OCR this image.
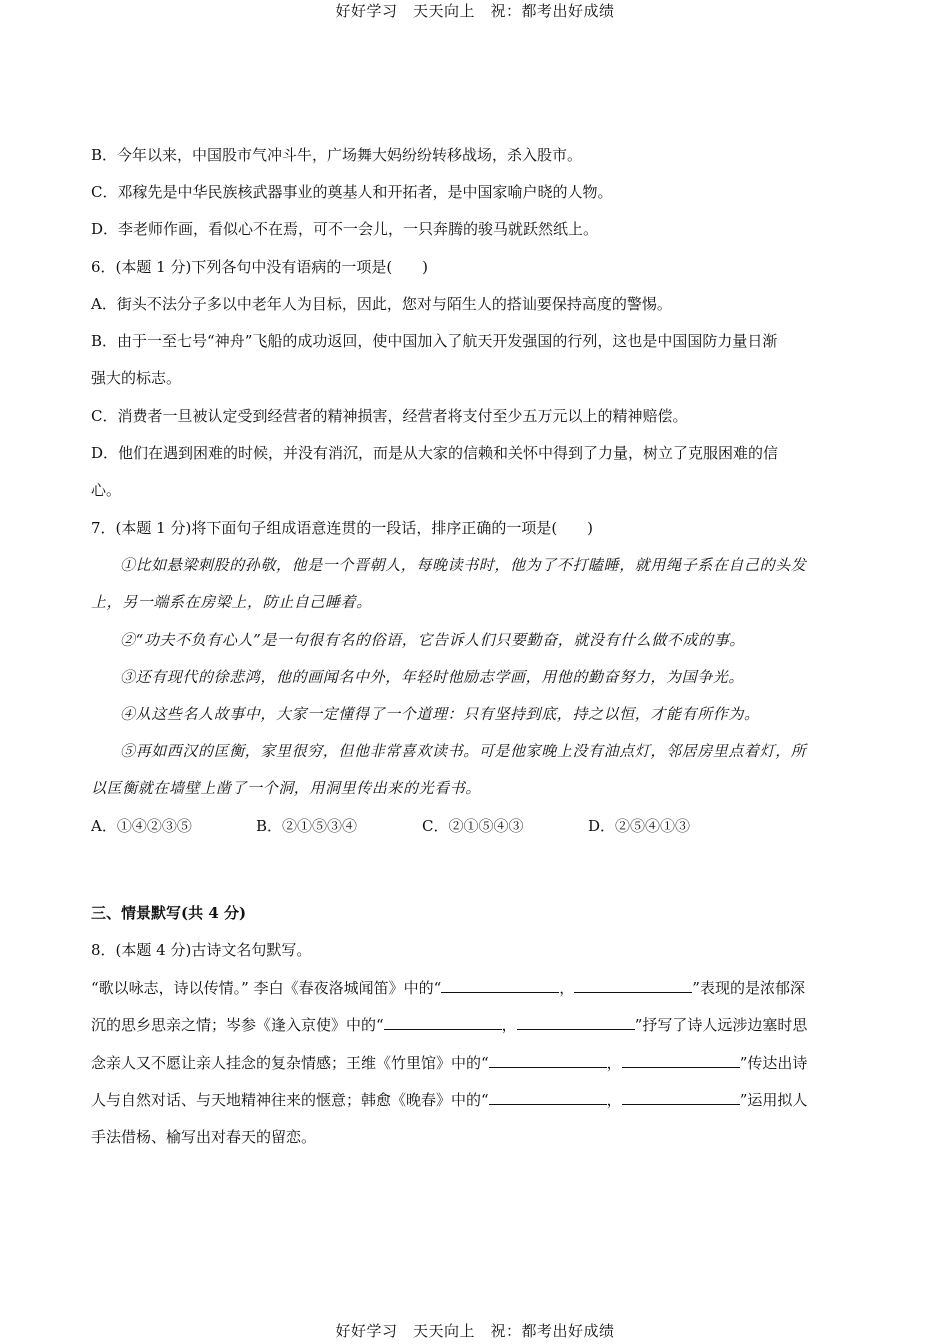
好好学习　天天向上　祝：都考出好成绩
B．今年以来，中国股市气冲斗牛，广场舞大妈纷纷转移战场，杀入股市。
C．邓稼先是中华民族核武器事业的奠基人和开拓者，是中国家喻户晓的人物。
D．李老师作画，看似心不在焉，可不一会儿，一只奔腾的骏马就跃然纸上。
6．(本题 1 分)下列各句中没有语病的一项是(　　)
A．街头不法分子多以中老年人为目标，因此，您对与陌生人的搭讪要保持高度的警惕。
B．由于一至七号“神舟”飞船的成功返回，使中国加入了航天开发强国的行列，这也是中国国防力量日渐
强大的标志。
C．消费者一旦被认定受到经营者的精神损害，经营者将支付至少五万元以上的精神赔偿。
D．他们在遇到困难的时候，并没有消沉，而是从大家的信赖和关怀中得到了力量，树立了克服困难的信
心。
7．(本题 1 分)将下面句子组成语意连贯的一段话，排序正确的一项是(　　)
①比如悬梁刺股的孙敬，他是一个晋朝人，每晚读书时，他为了不打瞌睡，就用绳子系在自己的头发
上，另一端系在房梁上，防止自己睡着。
②“功夫不负有心人”是一句很有名的俗语，它告诉人们只要勤奋，就没有什么做不成的事。
③还有现代的徐悲鸿，他的画闻名中外，年轻时他励志学画，用他的勤奋努力，为国争光。
④从这些名人故事中，大家一定懂得了一个道理：只有坚持到底，持之以恒，才能有所作为。
⑤再如西汉的匡衡，家里很穷，但他非常喜欢读书。可是他家晚上没有油点灯，邻居房里点着灯，所
以匡衡就在墙壁上凿了一个洞，用洞里传出来的光看书。
A．①④②③⑤	B．②①⑤③④	C．②①⑤④③	D．②⑤④①③
三、情景默写(共 4 分)
8．(本题 4 分)古诗文名句默写。
“歌以咏志，诗以传情。” 李白《春夜洛城闻笛》中的“	，	”表现的是浓郁深
沉的思乡思亲之情；岑参《逢入京使》中的“	，	”抒写了诗人远涉边塞时思
念亲人又不愿让亲人挂念的复杂情感；王维《竹里馆》中的“	，	”传达出诗
人与自然对话、与天地精神往来的惬意；韩愈《晚春》中的“	，	”运用拟人
手法借杨、榆写出对春天的留恋。
好好学习　天天向上　祝：都考出好成绩
